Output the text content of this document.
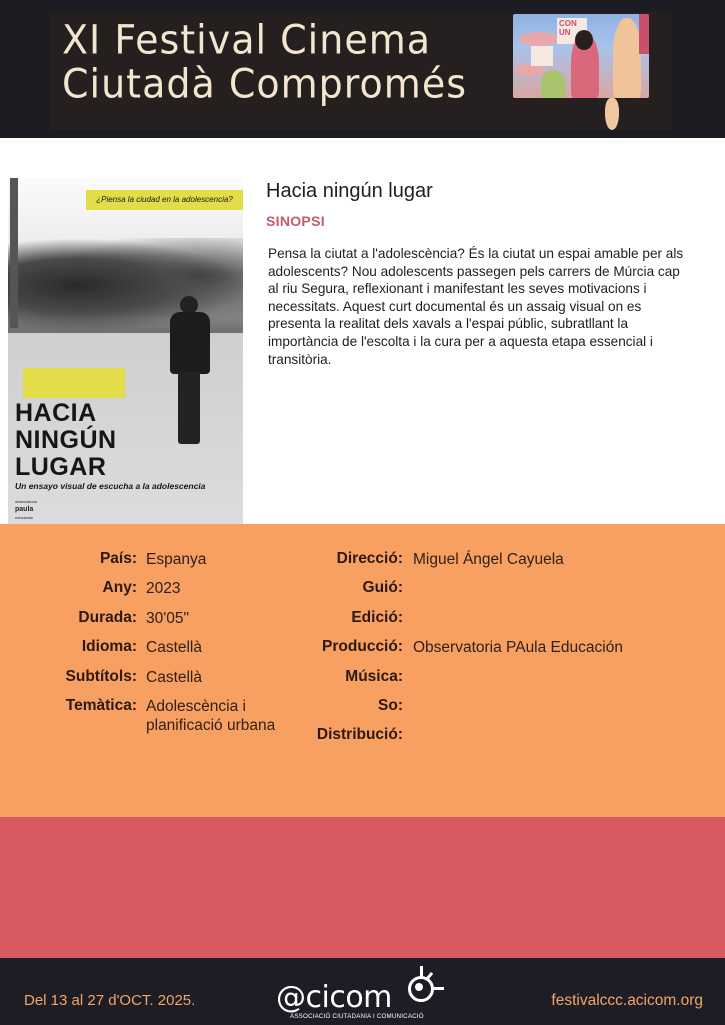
XI Festival Cinema
Ciutadà Compromés
CON UN
¿Piensa la ciudad en la adolescencia?
HACIA
NINGÚN
LUGAR
Un ensayo visual de escucha a la adolescencia
observatorio
paula
educación
Hacia ningún lugar
SINOPSI
Pensa la ciutat a l'adolescència? És la ciutat un espai amable per als adolescents? Nou adolescents passegen pels carrers de Múrcia cap al riu Segura, reflexionant i manifestant les seves motivacions i necessitats. Aquest curt documental és un assaig visual on es presenta la realitat dels xavals a l'espai públic, subratllant la importància de l'escolta i la cura per a aquesta etapa essencial i transitòria.
País: Espanya
Any: 2023
Durada: 30'05"
Idioma: Castellà
Subtítols: Castellà
Temàtica: Adolescència i
planificació urbana
Direcció: Miguel Ángel Cayuela
Guió:
Edició:
Producció: Observatoria PAula Educación
Música:
So:
Distribució:
Del 13 al 27 d'OCT. 2025.	@cicom
ASSOCIACIÓ CIUTADANIA I COMUNICACIÓ
festivalccc.acicom.org
